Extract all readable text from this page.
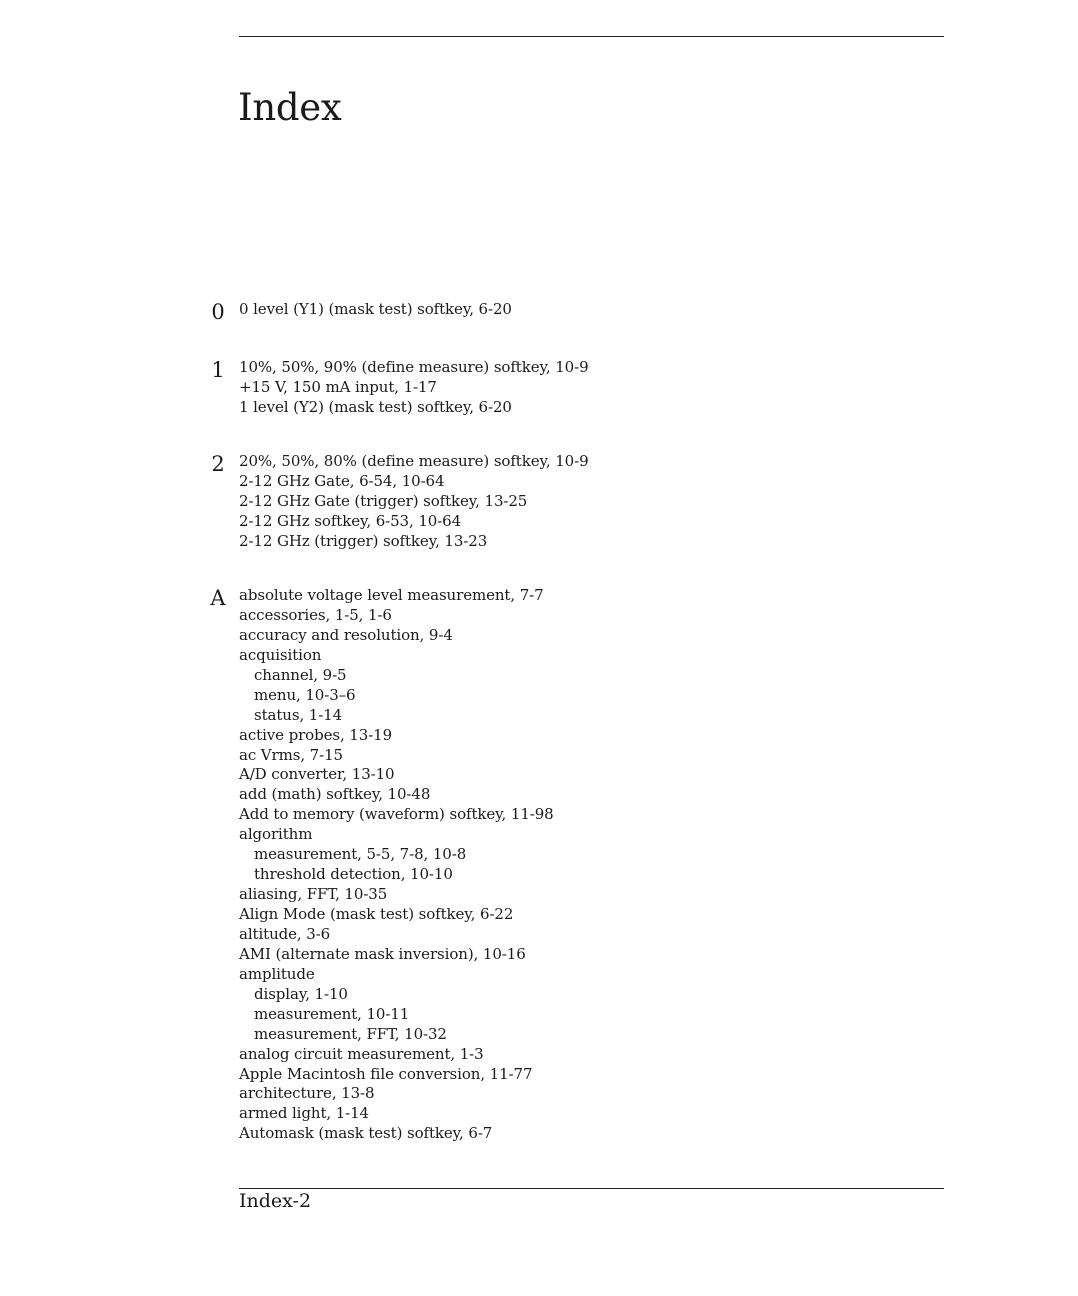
Index
0 0 level (Y1) (mask test) softkey, 6-20
1 10%, 50%, 90% (define measure) softkey, 10-9
+15 V, 150 mA input, 1-17
1 level (Y2) (mask test) softkey, 6-20
2 20%, 50%, 80% (define measure) softkey, 10-9
2-12 GHz Gate, 6-54, 10-64
2-12 GHz Gate (trigger) softkey, 13-25
2-12 GHz softkey, 6-53, 10-64
2-12 GHz (trigger) softkey, 13-23
A absolute voltage level measurement, 7-7
accessories, 1-5, 1-6
accuracy and resolution, 9-4
acquisition
channel, 9-5
menu, 10-3–6
status, 1-14
active probes, 13-19
ac Vrms, 7-15
A/D converter, 13-10
add (math) softkey, 10-48
Add to memory (waveform) softkey, 11-98
algorithm
measurement, 5-5, 7-8, 10-8
threshold detection, 10-10
aliasing, FFT, 10-35
Align Mode (mask test) softkey, 6-22
altitude, 3-6
AMI (alternate mask inversion), 10-16
amplitude
display, 1-10
measurement, 10-11
measurement, FFT, 10-32
analog circuit measurement, 1-3
Apple Macintosh file conversion, 11-77
architecture, 13-8
armed light, 1-14
Automask (mask test) softkey, 6-7
Index-2
